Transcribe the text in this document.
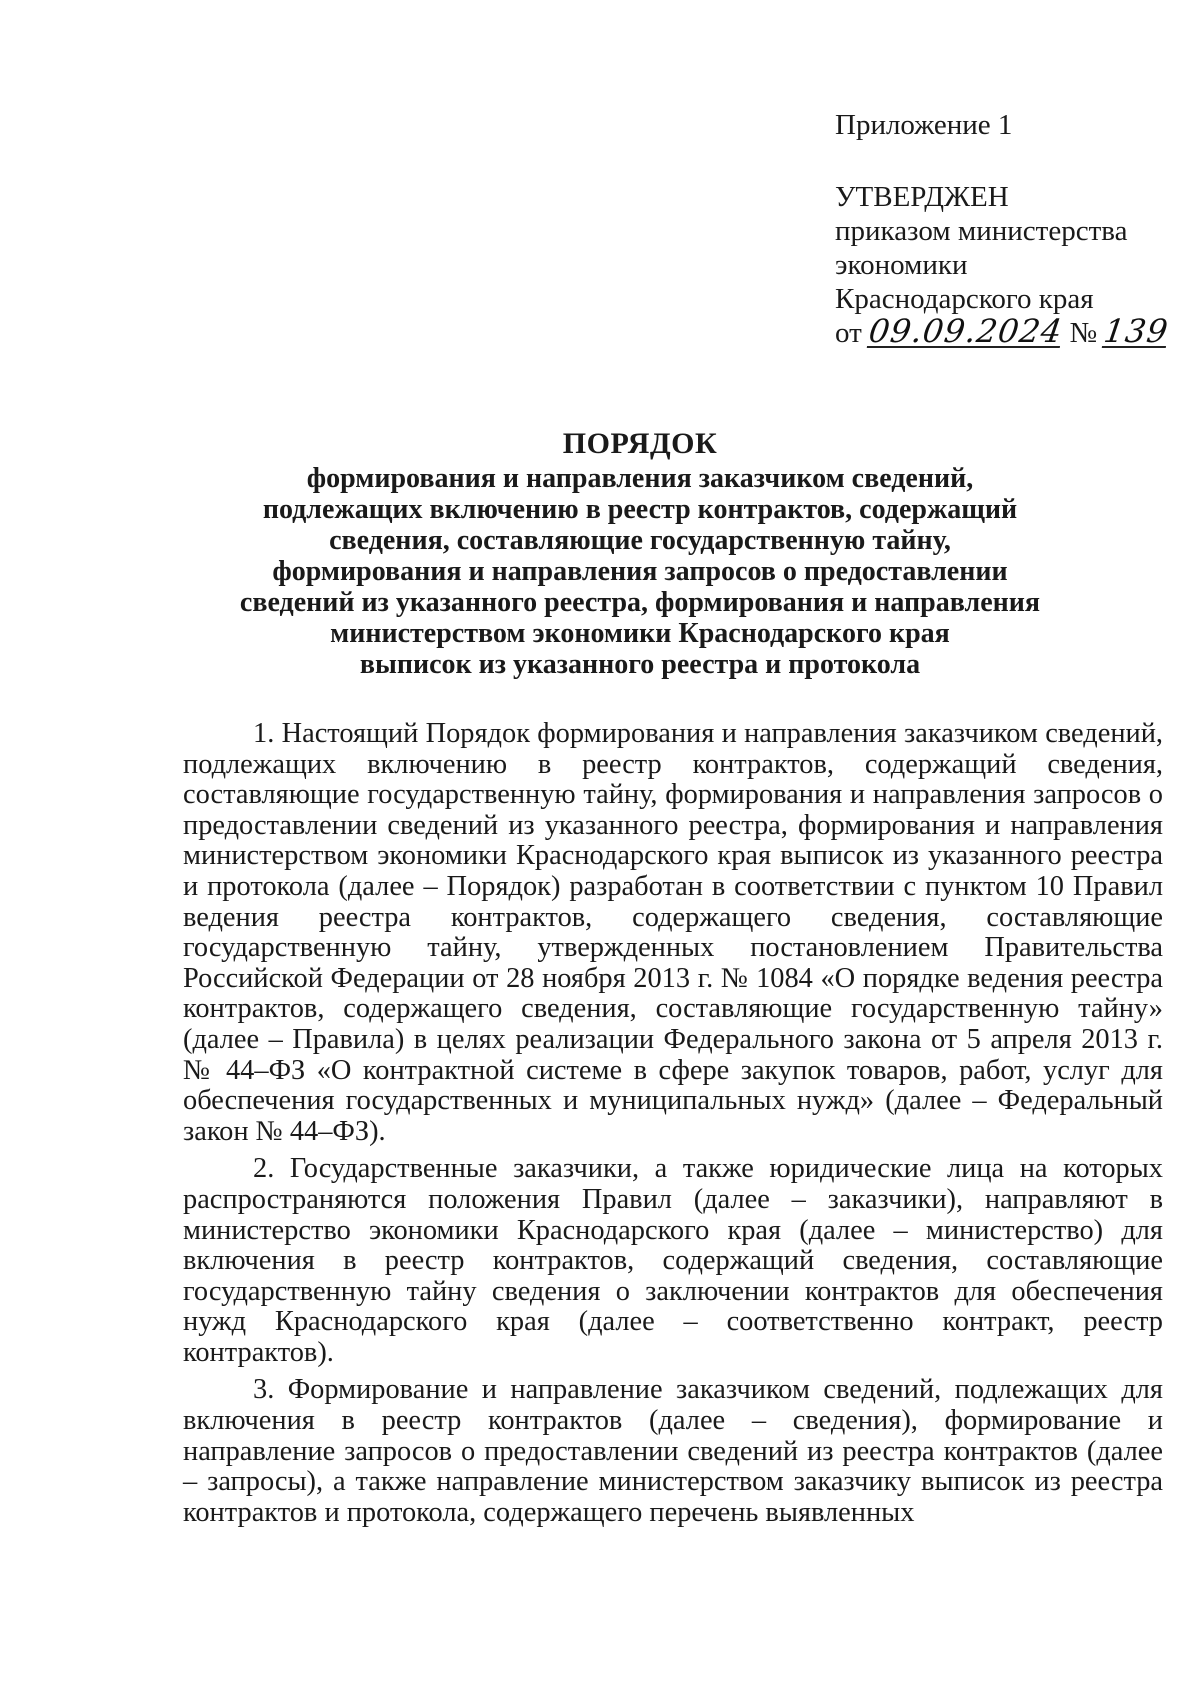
Приложение 1
УТВЕРДЖЕН
приказом министерства
экономики
Краснодарского края
от 09.09.2024 № 139
ПОРЯДОК
формирования и направления заказчиком сведений,
подлежащих включению в реестр контрактов, содержащий
сведения, составляющие государственную тайну,
формирования и направления запросов о предоставлении
сведений из указанного реестра, формирования и направления
министерством экономики Краснодарского края
выписок из указанного реестра и протокола

1. Настоящий Порядок формирования и направления заказчиком сведений, подлежащих включению в реестр контрактов, содержащий сведения, составляющие государственную тайну, формирования и направления запросов о предоставлении сведений из указанного реестра, формирования и направления министерством экономики Краснодарского края выписок из указанного реестра и протокола (далее – Порядок) разработан в соответствии с пунктом 10 Правил ведения реестра контрактов, содержащего сведения, составляющие государственную тайну, утвержденных постановлением Правительства Российской Федерации от 28 ноября 2013 г. № 1084 «О порядке ведения реестра контрактов, содержащего сведения, составляющие государственную тайну» (далее – Правила) в целях реализации Федерального закона от 5 апреля 2013 г. № 44–ФЗ «О контрактной системе в сфере закупок товаров, работ, услуг для обеспечения государственных и муниципальных нужд» (далее – Федеральный закон № 44–ФЗ).

2. Государственные заказчики, а также юридические лица на которых распространяются положения Правил (далее – заказчики), направляют в министерство экономики Краснодарского края (далее – министерство) для включения в реестр контрактов, содержащий сведения, составляющие государственную тайну сведения о заключении контрактов для обеспечения нужд Краснодарского края (далее – соответственно контракт, реестр контрактов).

3. Формирование и направление заказчиком сведений, подлежащих для включения в реестр контрактов (далее – сведения), формирование и направление запросов о предоставлении сведений из реестра контрактов (далее – запросы), а также направление министерством заказчику выписок из реестра контрактов и протокола, содержащего перечень выявленных
